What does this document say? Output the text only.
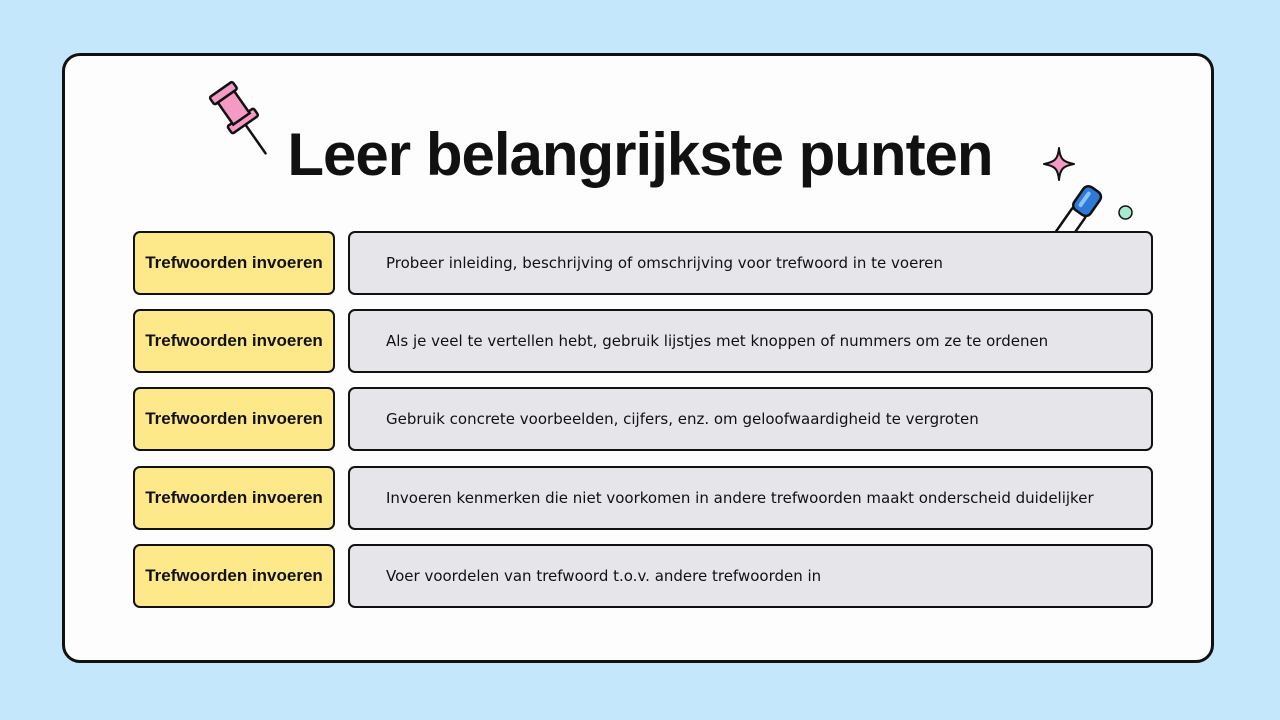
Leer belangrijkste punten
Trefwoorden invoeren	Probeer inleiding, beschrijving of omschrijving voor trefwoord in te voeren
Trefwoorden invoeren	Als je veel te vertellen hebt, gebruik lijstjes met knoppen of nummers om ze te ordenen
Trefwoorden invoeren	Gebruik concrete voorbeelden, cijfers, enz. om geloofwaardigheid te vergroten
Trefwoorden invoeren	Invoeren kenmerken die niet voorkomen in andere trefwoorden maakt onderscheid duidelijker
Trefwoorden invoeren	Voer voordelen van trefwoord t.o.v. andere trefwoorden in
